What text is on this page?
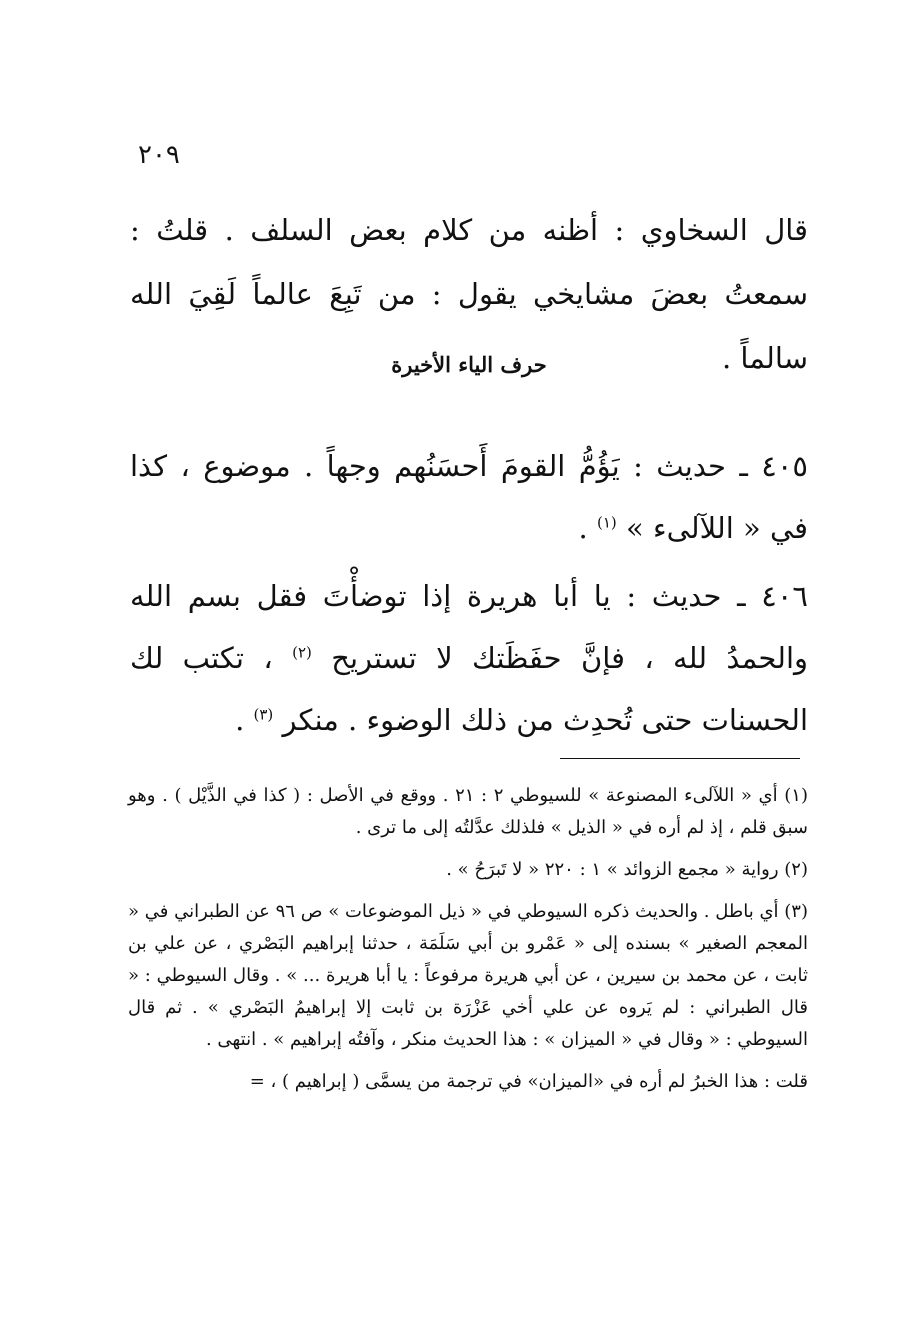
٢٠٩
قال السخاوي : أظنه من كلام بعض السلف . قلتُ : سمعتُ بعضَ مشايخي يقول : من تَبِعَ عالماً لَقِيَ الله سالماً .
حرف الياء الأخيرة
٤٠٥ ـ حديث : يَؤُمُّ القومَ أَحسَنُهم وجهاً . موضوع ، كذا في « اللآلىء » $^{(١)}$ .
٤٠٦ ـ حديث : يا أبا هريرة إذا توضأْتَ فقل بسم الله والحمدُ لله ، فإنَّ حفَظَتك لا تستريح $^{(٢)}$ ، تكتب لك الحسنات حتى تُحدِث من ذلك الوضوء . منكر $^{(٣)}$ .

(١) أي « اللآلىء المصنوعة » للسيوطي ٢ : ٢١ . ووقع في الأصل : ( كذا في الذَّيْل ) . وهو سبق قلم ، إذ لم أره في « الذيل » فلذلك عدَّلتُه إلى ما ترى .

(٢) رواية « مجمع الزوائد » ١ : ٢٢٠ « لا تَبرَحُ » .

(٣) أي باطل . والحديث ذكره السيوطي في « ذيل الموضوعات » ص ٩٦ عن الطبراني في « المعجم الصغير » بسنده إلى « عَمْرو بن أبي سَلَمَة ، حدثنا إبراهيم البَصْري ، عن علي بن ثابت ، عن محمد بن سيرين ، عن أبي هريرة مرفوعاً : يا أبا هريرة ... » . وقال السيوطي : « قال الطبراني : لم يَروه عن علي أخي عَزْرَة بن ثابت إلا إبراهيمُ البَصْري » . ثم قال السيوطي : « وقال في « الميزان » : هذا الحديث منكر ، وآفتُه إبراهيم » . انتهى .

قلت : هذا الخبرُ لم أره في «الميزان» في ترجمة من يسمَّى ( إبراهيم ) ، =
